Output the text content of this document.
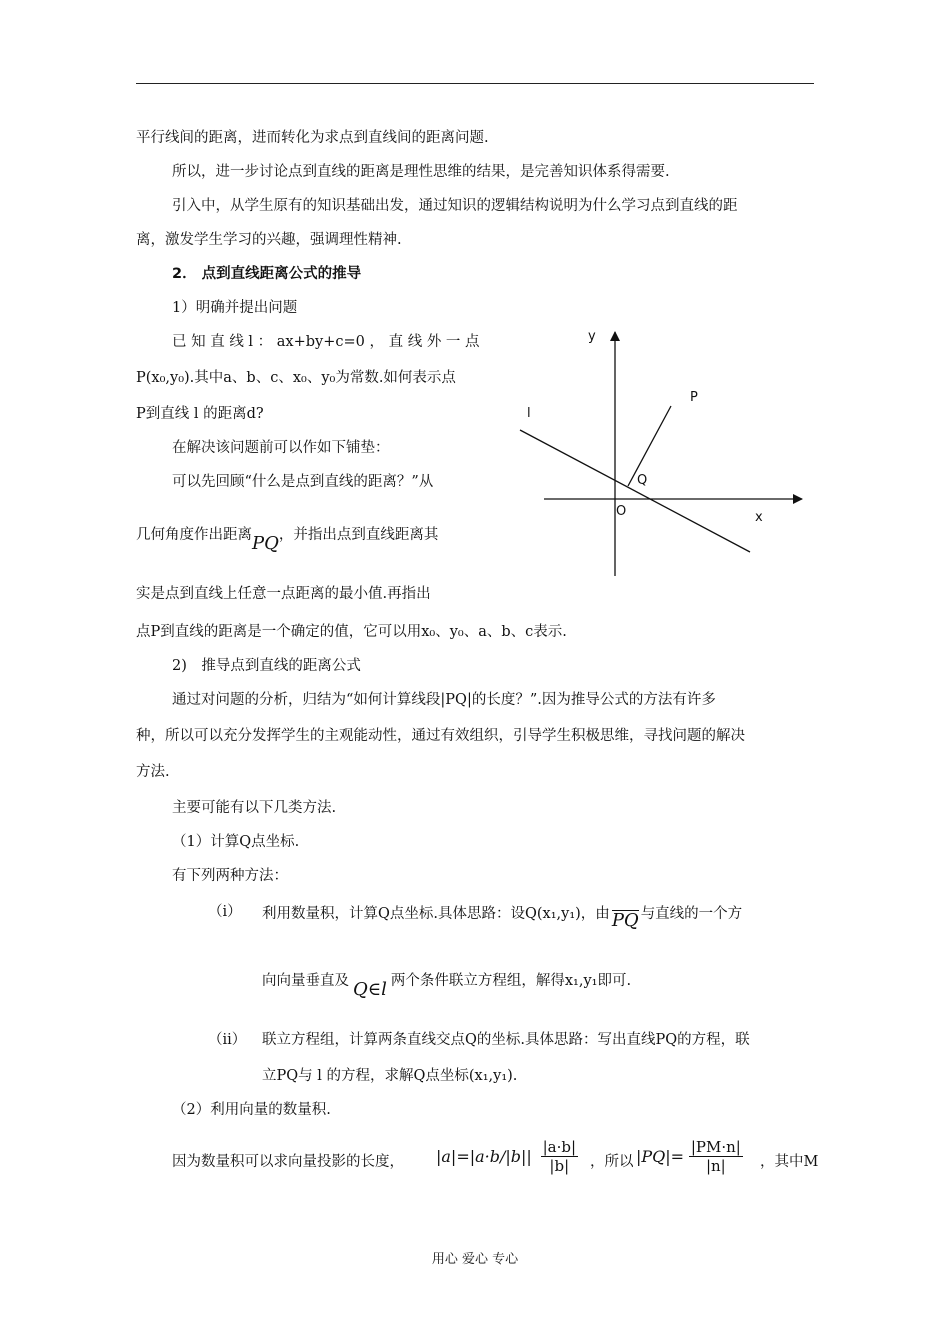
平行线间的距离，进而转化为求点到直线间的距离问题.
所以，进一步讨论点到直线的距离是理性思维的结果，是完善知识体系得需要.
引入中，从学生原有的知识基础出发，通过知识的逻辑结构说明为什么学习点到直线的距
离，激发学生学习的兴趣，强调理性精神.
2． 点到直线距离公式的推导
1）明确并提出问题
已 知 直 线 l ： ax+by+c=0 ， 直 线 外 一 点
P(x₀,y₀).其中a、b、c、x₀、y₀为常数.如何表示点
P到直线 l 的距离d?
在解决该问题前可以作如下铺垫：
可以先回顾“什么是点到直线的距离？”从
几何角度作出距离PQ，并指出点到直线距离其
实是点到直线上任意一点距离的最小值.再指出
点P到直线的距离是一个确定的值，它可以用x₀、y₀、a、b、c表示.
y
x
O
l
P
Q
2)　推导点到直线的距离公式
通过对问题的分析，归结为“如何计算线段|PQ|的长度？”.因为推导公式的方法有许多
种，所以可以充分发挥学生的主观能动性，通过有效组织，引导学生积极思维，寻找问题的解决
方法.
主要可能有以下几类方法.
（1）计算Q点坐标.
有下列两种方法：
（i） 利用数量积，计算Q点坐标.具体思路：设Q(x₁,y₁)，由 PQ 与直线的一个方
向向量垂直及 Q∈l 两个条件联立方程组，解得x₁,y₁即可.
（ii） 联立方程组，计算两条直线交点Q的坐标.具体思路：写出直线PQ的方程，联
立PQ与 l 的方程，求解Q点坐标(x₁,y₁).
（2）利用向量的数量积.
因为数量积可以求向量投影的长度， $|a|=|a\cdot b/|b|| \frac{|a\cdot b|}{|b|}$ ，所以 $|PQ|= \frac{|PM\cdot n|}{|n|}$ ，其中M
用心 爱心 专心
